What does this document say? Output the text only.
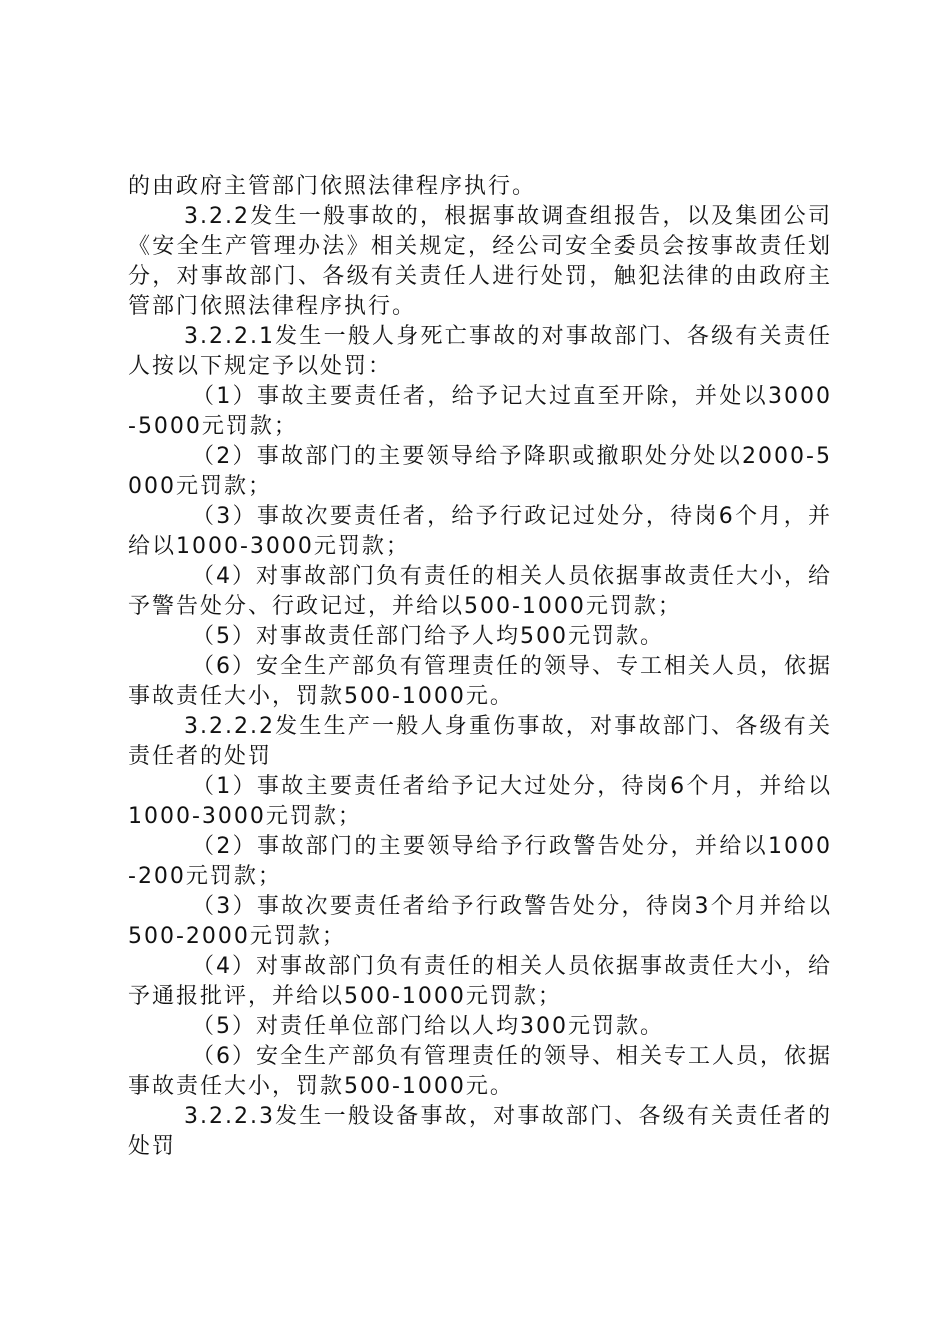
的由政府主管部门依照法律程序执行。

3.2.2发生一般事故的，根据事故调查组报告，以及集团公司《安全生产管理办法》相关规定，经公司安全委员会按事故责任划分，对事故部门、各级有关责任人进行处罚，触犯法律的由政府主管部门依照法律程序执行。

3.2.2.1发生一般人身死亡事故的对事故部门、各级有关责任人按以下规定予以处罚：

（1）事故主要责任者，给予记大过直至开除，并处以3000-5000元罚款；

（2）事故部门的主要领导给予降职或撤职处分处以2000-5000元罚款；

（3）事故次要责任者，给予行政记过处分，待岗6个月，并给以1000-3000元罚款；

（4）对事故部门负有责任的相关人员依据事故责任大小，给予警告处分、行政记过，并给以500-1000元罚款；

（5）对事故责任部门给予人均500元罚款。

（6）安全生产部负有管理责任的领导、专工相关人员，依据事故责任大小，罚款500-1000元。

3.2.2.2发生生产一般人身重伤事故，对事故部门、各级有关责任者的处罚

（1）事故主要责任者给予记大过处分，待岗6个月，并给以1000-3000元罚款；

（2）事故部门的主要领导给予行政警告处分，并给以1000-200元罚款；

（3）事故次要责任者给予行政警告处分，待岗3个月并给以500-2000元罚款；

（4）对事故部门负有责任的相关人员依据事故责任大小，给予通报批评，并给以500-1000元罚款；

（5）对责任单位部门给以人均300元罚款。

（6）安全生产部负有管理责任的领导、相关专工人员，依据事故责任大小，罚款500-1000元。

3.2.2.3发生一般设备事故，对事故部门、各级有关责任者的处罚
